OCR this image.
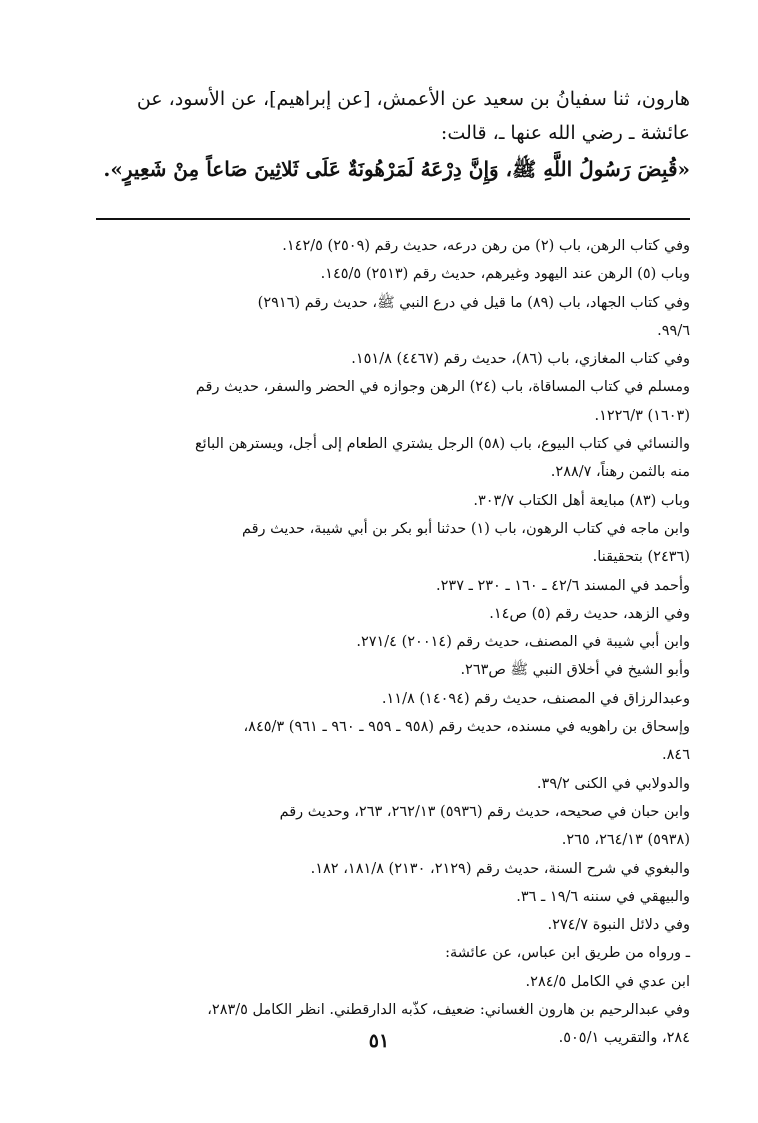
هارون، ثنا سفيانُ بن سعيد عن الأعمش، [عن إبراهيم]، عن الأسود، عن
عائشة ـ رضي الله عنها ـ، قالت:
«قُبِضَ رَسُولُ اللَّهِ ﷺ، وَإِنَّ دِرْعَهُ لَمَرْهُونَةٌ عَلَى ثَلاثِينَ صَاعاً مِنْ شَعِيرٍ».
وفي كتاب الرهن، باب (٢) من رهن درعه، حديث رقم (٢٥٠٩) ١٤٢/٥.
وباب (٥) الرهن عند اليهود وغيرهم، حديث رقم (٢٥١٣) ١٤٥/٥.
وفي كتاب الجهاد، باب (٨٩) ما قيل في درع النبي ﷺ، حديث رقم (٢٩١٦)
٩٩/٦.
وفي كتاب المغازي، باب (٨٦)، حديث رقم (٤٤٦٧) ١٥١/٨.
ومسلم في كتاب المساقاة، باب (٢٤) الرهن وجوازه في الحضر والسفر، حديث رقم
(١٦٠٣) ١٢٢٦/٣.
والنسائي في كتاب البيوع، باب (٥٨) الرجل يشتري الطعام إلى أجل، ويسترهن البائع
منه بالثمن رهناً، ٢٨٨/٧.
وباب (٨٣) مبايعة أهل الكتاب ٣٠٣/٧.
وابن ماجه في كتاب الرهون، باب (١) حدثنا أبو بكر بن أبي شيبة، حديث رقم
(٢٤٣٦) بتحقيقنا.
وأحمد في المسند ٤٢/٦ ـ ١٦٠ ـ ٢٣٠ ـ ٢٣٧.
وفي الزهد، حديث رقم (٥) ص١٤.
وابن أبي شيبة في المصنف، حديث رقم (٢٠٠١٤) ٢٧١/٤.
وأبو الشيخ في أخلاق النبي ﷺ ص٢٦٣.
وعبدالرزاق في المصنف، حديث رقم (١٤٠٩٤) ١١/٨.
وإسحاق بن راهويه في مسنده، حديث رقم (٩٥٨ ـ ٩٥٩ ـ ٩٦٠ ـ ٩٦١) ٨٤٥/٣،
٨٤٦.
والدولابي في الكنى ٣٩/٢.
وابن حبان في صحيحه، حديث رقم (٥٩٣٦) ٢٦٢/١٣، ٢٦٣، وحديث رقم
(٥٩٣٨) ٢٦٤/١٣، ٢٦٥.
والبغوي في شرح السنة، حديث رقم (٢١٢٩، ٢١٣٠) ١٨١/٨، ١٨٢.
والبيهقي في سننه ١٩/٦ ـ ٣٦.
وفي دلائل النبوة ٢٧٤/٧.
ـ ورواه من طريق ابن عباس، عن عائشة:
ابن عدي في الكامل ٢٨٤/٥.
وفي عبدالرحيم بن هارون الغساني: ضعيف، كذّبه الدارقطني. انظر الكامل ٢٨٣/٥،
٢٨٤، والتقريب ٥٠٥/١.
٥١
